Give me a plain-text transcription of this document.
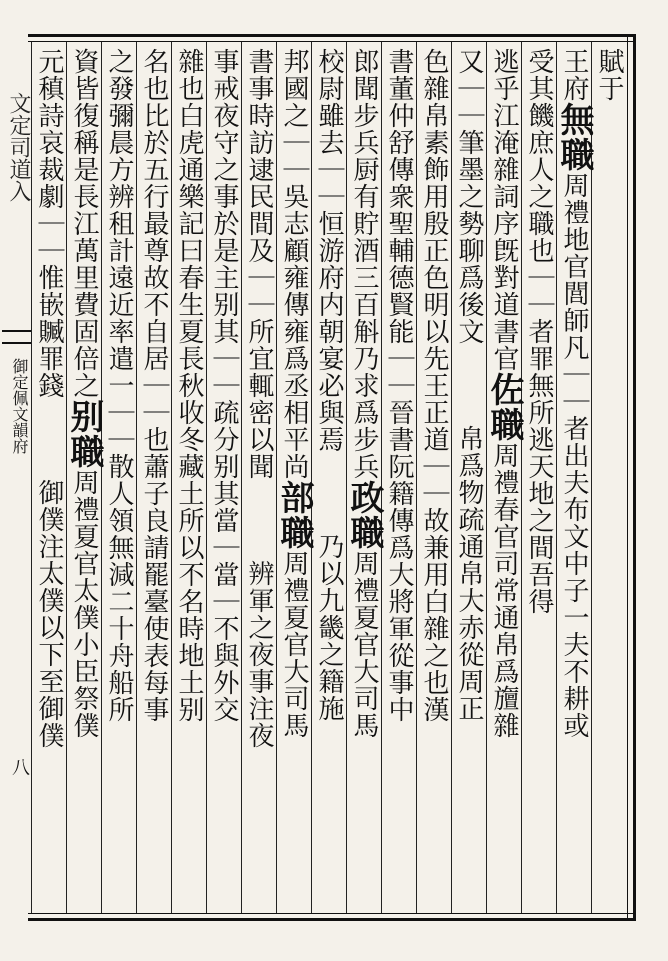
文定司道入
御定佩文韻府
八
賦于
王府無職周禮地官閭師凡｜｜者出夫布文中子一夫不耕或
受其饑庶人之職也｜｜者罪無所逃天地之間吾得
逃乎江淹雜詞序旣對道書官佐職周禮春官司常通帛爲旜雜
又｜｜筆墨之勢聊爲後文帛爲物疏通帛大赤從周正
色雜帛素飾用殷正色明以先王正道｜｜故兼用白雜之也漢
書董仲舒傳衆聖輔德賢能｜｜晉書阮籍傳爲大將軍從事中
郎聞步兵厨有貯酒三百斛乃求爲步兵政職周禮夏官大司馬
校尉雖去｜｜恒游府内朝宴必與焉乃以九畿之籍施
邦國之｜｜吳志顧雍傳雍爲丞相平尚部職周禮夏官大司馬
書事時訪逮民間及｜｜所宜輒密以聞辨軍之夜事注夜
事戒夜守之事於是主别其｜｜疏分别其當｜當｜不與外交
雜也白虎通樂記曰春生夏長秋收冬藏土所以不名時地土别
名也比於五行最尊故不自居｜｜也蕭子良請罷臺使表每事
之發彌晨方辨租計遠近率遣一｜｜散人領無減二十舟船所
資皆復稱是長江萬里費固倍之别職周禮夏官太僕小臣祭僕
元稹詩哀裁劇｜｜惟嵌贓罪錢御僕注太僕以下至御僕
